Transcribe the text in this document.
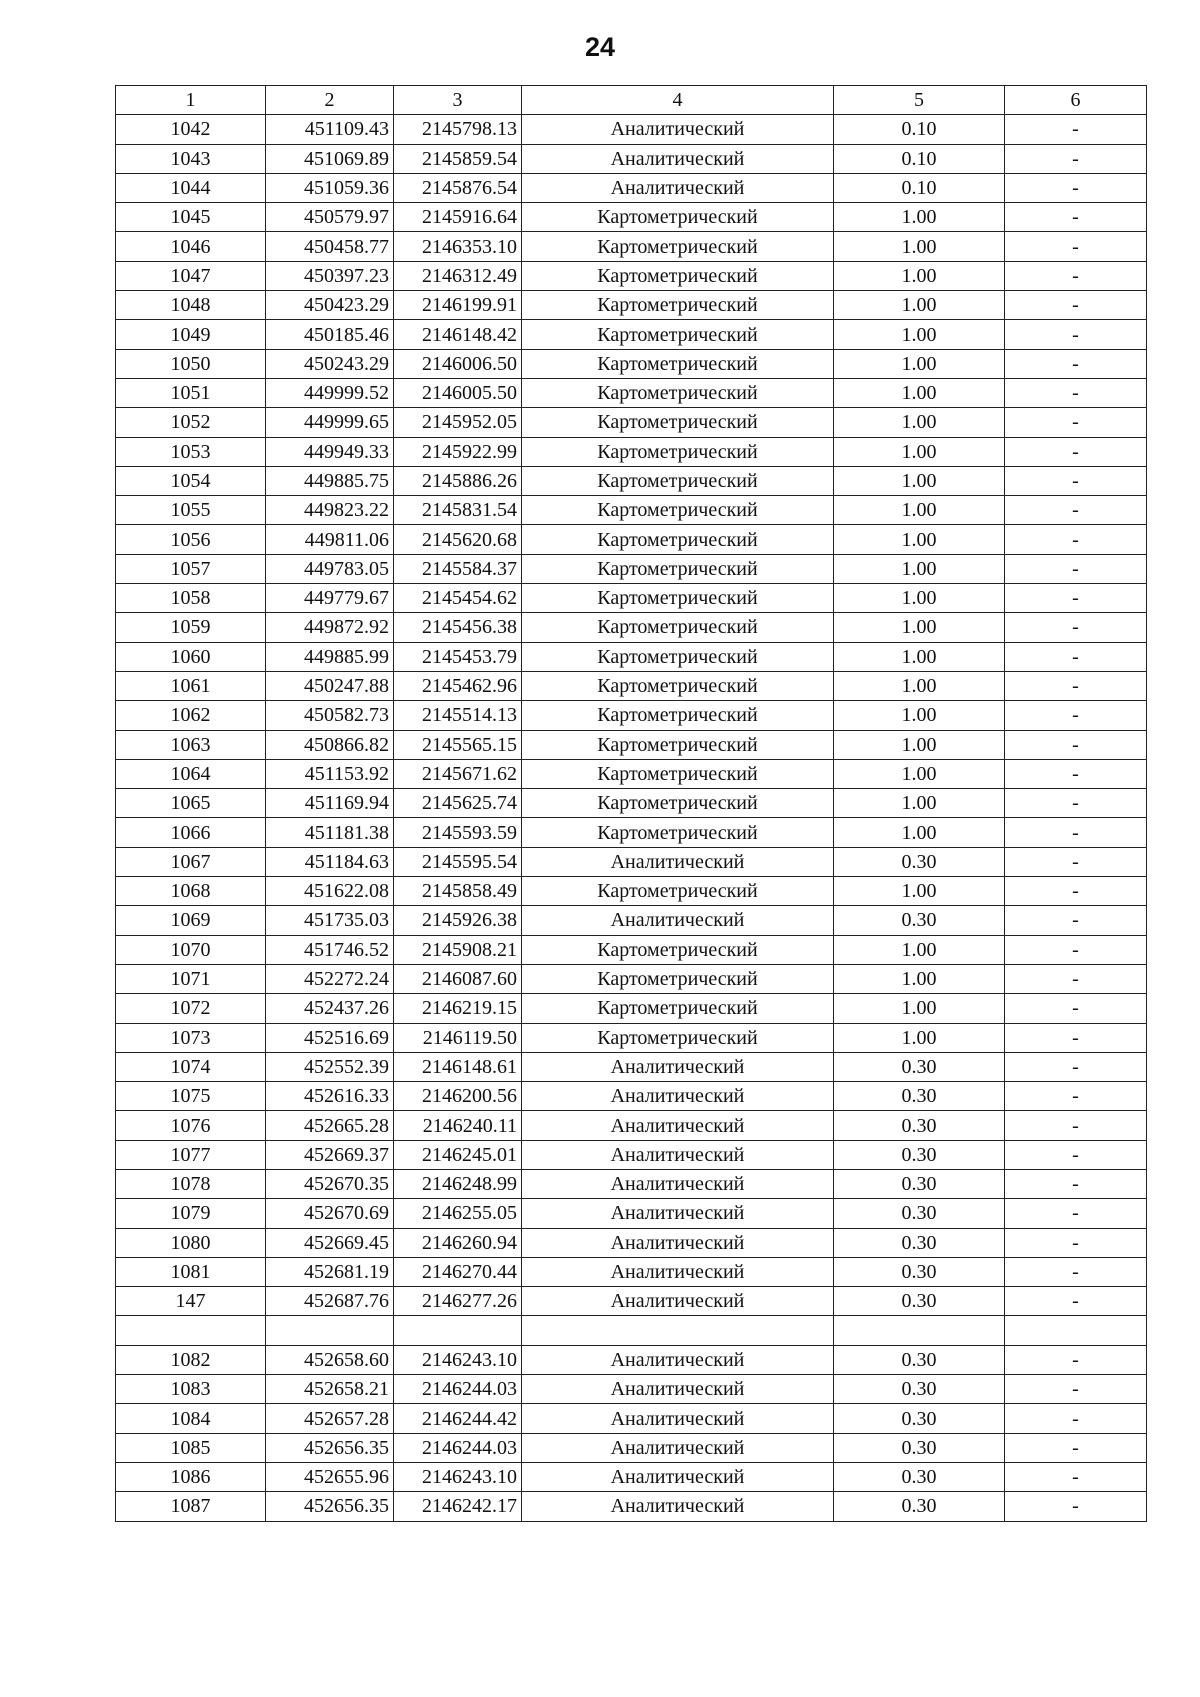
24
1	2	3	4	5	6
1042	451109.43	2145798.13	Аналитический	0.10	-
1043	451069.89	2145859.54	Аналитический	0.10	-
1044	451059.36	2145876.54	Аналитический	0.10	-
1045	450579.97	2145916.64	Картометрический	1.00	-
1046	450458.77	2146353.10	Картометрический	1.00	-
1047	450397.23	2146312.49	Картометрический	1.00	-
1048	450423.29	2146199.91	Картометрический	1.00	-
1049	450185.46	2146148.42	Картометрический	1.00	-
1050	450243.29	2146006.50	Картометрический	1.00	-
1051	449999.52	2146005.50	Картометрический	1.00	-
1052	449999.65	2145952.05	Картометрический	1.00	-
1053	449949.33	2145922.99	Картометрический	1.00	-
1054	449885.75	2145886.26	Картометрический	1.00	-
1055	449823.22	2145831.54	Картометрический	1.00	-
1056	449811.06	2145620.68	Картометрический	1.00	-
1057	449783.05	2145584.37	Картометрический	1.00	-
1058	449779.67	2145454.62	Картометрический	1.00	-
1059	449872.92	2145456.38	Картометрический	1.00	-
1060	449885.99	2145453.79	Картометрический	1.00	-
1061	450247.88	2145462.96	Картометрический	1.00	-
1062	450582.73	2145514.13	Картометрический	1.00	-
1063	450866.82	2145565.15	Картометрический	1.00	-
1064	451153.92	2145671.62	Картометрический	1.00	-
1065	451169.94	2145625.74	Картометрический	1.00	-
1066	451181.38	2145593.59	Картометрический	1.00	-
1067	451184.63	2145595.54	Аналитический	0.30	-
1068	451622.08	2145858.49	Картометрический	1.00	-
1069	451735.03	2145926.38	Аналитический	0.30	-
1070	451746.52	2145908.21	Картометрический	1.00	-
1071	452272.24	2146087.60	Картометрический	1.00	-
1072	452437.26	2146219.15	Картометрический	1.00	-
1073	452516.69	2146119.50	Картометрический	1.00	-
1074	452552.39	2146148.61	Аналитический	0.30	-
1075	452616.33	2146200.56	Аналитический	0.30	-
1076	452665.28	2146240.11	Аналитический	0.30	-
1077	452669.37	2146245.01	Аналитический	0.30	-
1078	452670.35	2146248.99	Аналитический	0.30	-
1079	452670.69	2146255.05	Аналитический	0.30	-
1080	452669.45	2146260.94	Аналитический	0.30	-
1081	452681.19	2146270.44	Аналитический	0.30	-
147	452687.76	2146277.26	Аналитический	0.30	-

1082	452658.60	2146243.10	Аналитический	0.30	-
1083	452658.21	2146244.03	Аналитический	0.30	-
1084	452657.28	2146244.42	Аналитический	0.30	-
1085	452656.35	2146244.03	Аналитический	0.30	-
1086	452655.96	2146243.10	Аналитический	0.30	-
1087	452656.35	2146242.17	Аналитический	0.30	-
